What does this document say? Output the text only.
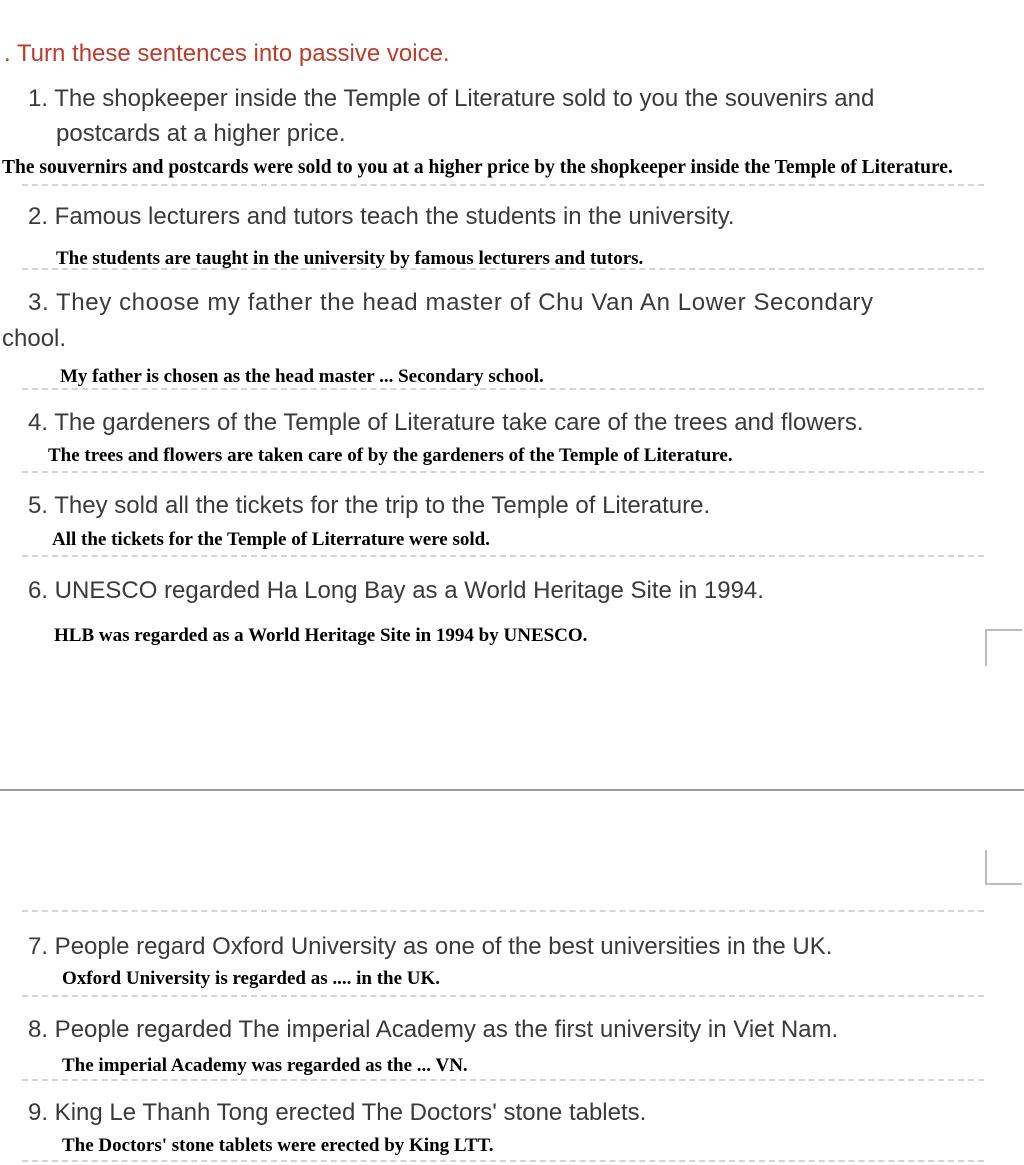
. Turn these sentences into passive voice.
1. The shopkeeper inside the Temple of Literature sold to you the souvenirs and
postcards at a higher price.
The souvernirs and postcards were sold to you at a higher price by the shopkeeper inside the Temple of Literature.
2. Famous lecturers and tutors teach the students in the university.
The students are taught in the university by famous lecturers and tutors.
3. They choose my father the head master of Chu Van An Lower Secondary
chool.
My father is chosen as the head master ... Secondary school.
4. The gardeners of the Temple of Literature take care of the trees and flowers.
The trees and flowers are taken care of by the gardeners of the Temple of Literature.
5. They sold all the tickets for the trip to the Temple of Literature.
All the tickets for the Temple of Literrature were sold.
6. UNESCO regarded Ha Long Bay as a World Heritage Site in 1994.
HLB was regarded as a World Heritage Site in 1994 by UNESCO.
7. People regard Oxford University as one of the best universities in the UK.
Oxford University is regarded as .... in the UK.
8. People regarded The imperial Academy as the first university in Viet Nam.
The imperial Academy was regarded as the ... VN.
9. King Le Thanh Tong erected The Doctors' stone tablets.
The Doctors' stone tablets were erected by King LTT.
